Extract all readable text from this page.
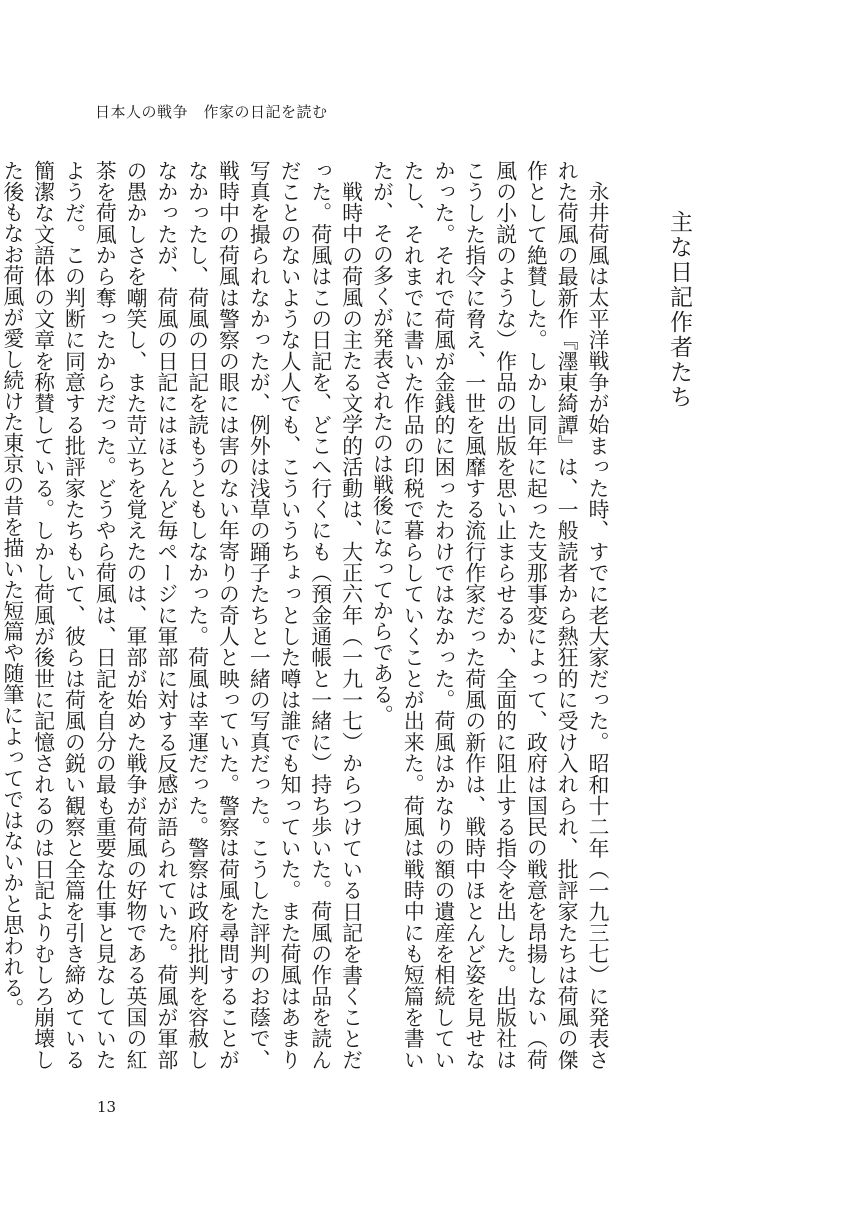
日本人の戦争　作家の日記を読む
主な日記作者たち

永井荷風は太平洋戦争が始まった時、すでに老大家だった。昭和十二年（一九三七）に発表された荷風の最新作『濹東綺譚』は、一般読者から熱狂的に受け入れられ、批評家たちは荷風の傑作として絶賛した。しかし同年に起った支那事変によって、政府は国民の戦意を昂揚しない（荷風の小説のような）作品の出版を思い止まらせるか、全面的に阻止する指令を出した。出版社はこうした指令に脅え、一世を風靡する流行作家だった荷風の新作は、戦時中ほとんど姿を見せなかった。それで荷風が金銭的に困ったわけではなかった。荷風はかなりの額の遺産を相続していたし、それまでに書いた作品の印税で暮らしていくことが出来た。荷風は戦時中にも短篇を書いたが、その多くが発表されたのは戦後になってからである。

戦時中の荷風の主たる文学的活動は、大正六年（一九一七）からつけている日記を書くことだった。荷風はこの日記を、どこへ行くにも（預金通帳と一緒に）持ち歩いた。荷風の作品を読んだことのないような人人でも、こういうちょっとした噂は誰でも知っていた。また荷風はあまり写真を撮られなかったが、例外は浅草の踊子たちと一緒の写真だった。こうした評判のお蔭で、戦時中の荷風は警察の眼には害のない年寄りの奇人と映っていた。警察は荷風を尋問することがなかったし、荷風の日記を読もうともしなかった。荷風は幸運だった。警察は政府批判を容赦しなかったが、荷風の日記にはほとんど毎ページに軍部に対する反感が語られていた。荷風が軍部の愚かしさを嘲笑し、また苛立ちを覚えたのは、軍部が始めた戦争が荷風の好物である英国の紅茶を荷風から奪ったからだった。どうやら荷風は、日記を自分の最も重要な仕事と見なしていたようだ。この判断に同意する批評家たちもいて、彼らは荷風の鋭い観察と全篇を引き締めている簡潔な文語体の文章を称賛している。しかし荷風が後世に記憶されるのは日記よりむしろ崩壊した後もなお荷風が愛し続けた東京の昔を描いた短篇や随筆によってではないかと思われる。

13
